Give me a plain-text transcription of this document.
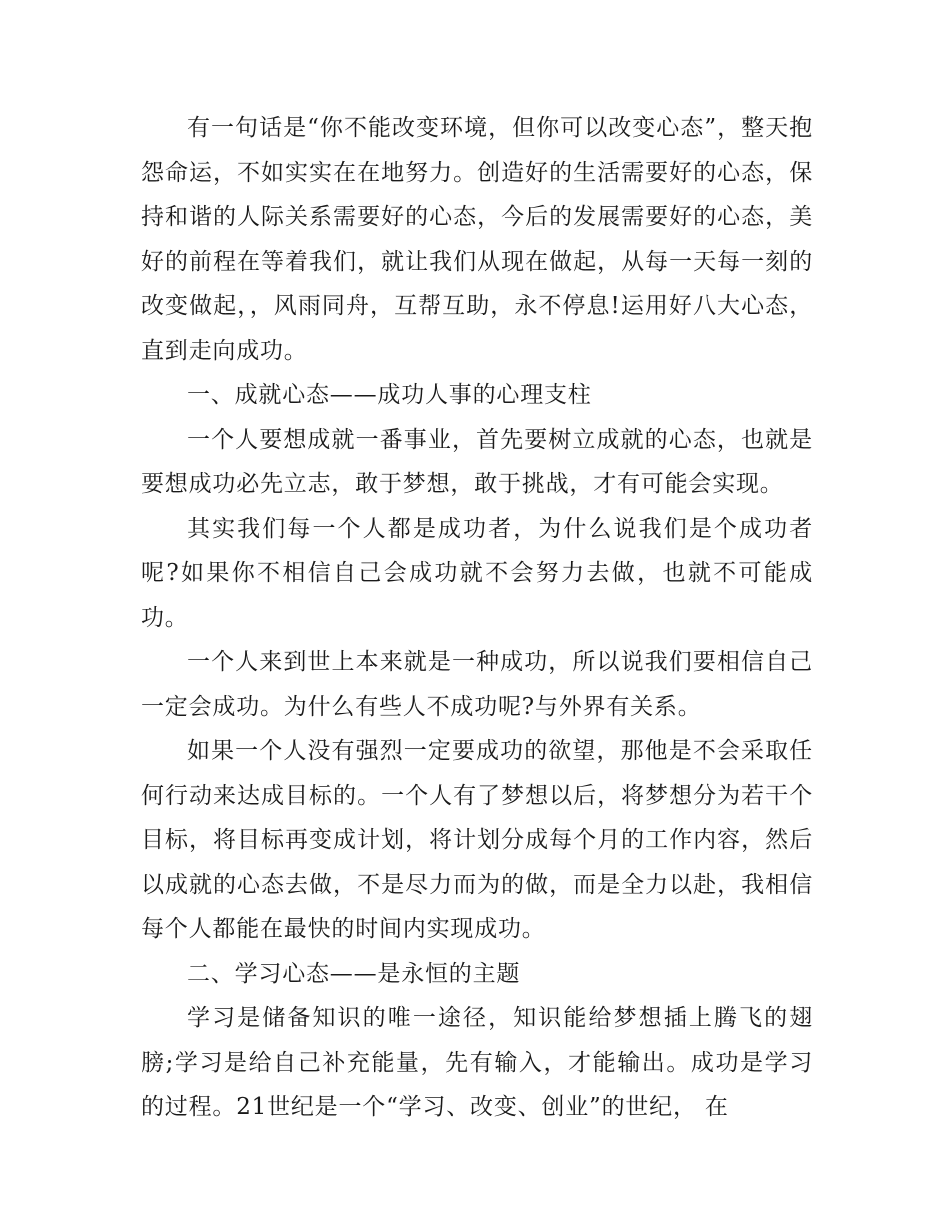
有一句话是“你不能改变环境，但你可以改变心态”，整天抱怨命运，不如实实在在地努力。创造好的生活需要好的心态，保持和谐的人际关系需要好的心态，今后的发展需要好的心态，美好的前程在等着我们，就让我们从现在做起，从每一天每一刻的改变做起，，风雨同舟，互帮互助，永不停息!运用好八大心态，直到走向成功。

一、成就心态——成功人事的心理支柱

一个人要想成就一番事业，首先要树立成就的心态，也就是要想成功必先立志，敢于梦想，敢于挑战，才有可能会实现。

其实我们每一个人都是成功者，为什么说我们是个成功者呢?如果你不相信自己会成功就不会努力去做，也就不可能成功。

一个人来到世上本来就是一种成功，所以说我们要相信自己一定会成功。为什么有些人不成功呢?与外界有关系。

如果一个人没有强烈一定要成功的欲望，那他是不会采取任何行动来达成目标的。一个人有了梦想以后，将梦想分为若干个目标，将目标再变成计划，将计划分成每个月的工作内容，然后以成就的心态去做，不是尽力而为的做，而是全力以赴，我相信每个人都能在最快的时间内实现成功。

二、学习心态——是永恒的主题

学习是储备知识的唯一途径，知识能给梦想插上腾飞的翅膀;学习是给自己补充能量，先有输入，才能输出。成功是学习的过程。21世纪是一个“学习、改变、创业”的世纪， 在
